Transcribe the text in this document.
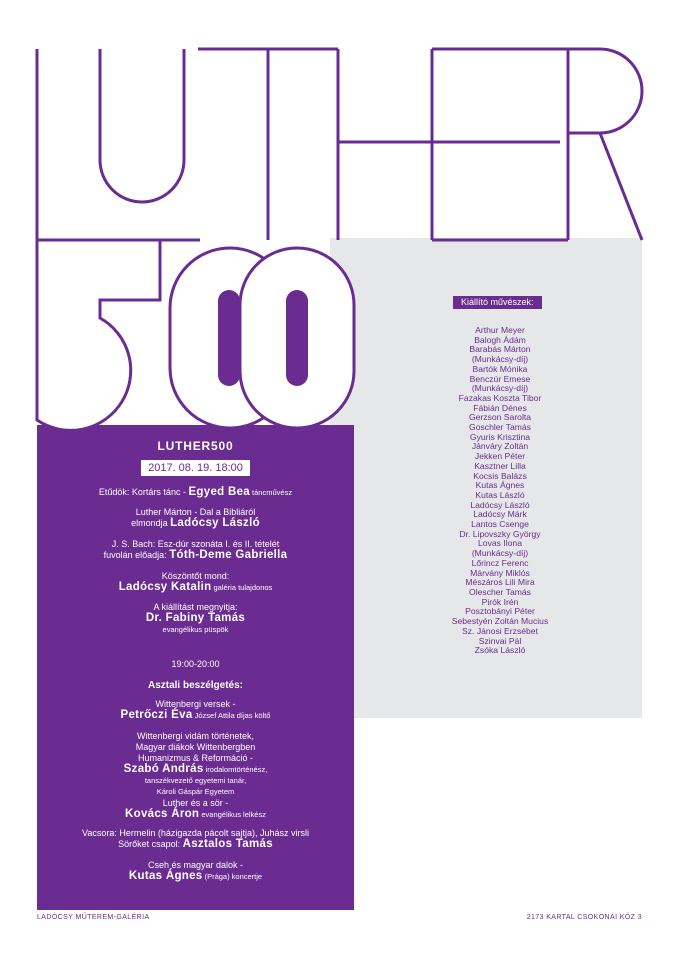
Kiállító művészek:
Arthur Meyer
Balogh Ádám
Barabás Márton
(Munkácsy-díj)
Bartók Mónika
Benczúr Emese
(Munkácsy-díj)
Fazakas Koszta Tibor
Fábián Dénes
Gerzson Sarolta
Goschler Tamás
Gyuris Krisztina
Jánváry Zoltán
Jekken Péter
Kasztner Lilla
Kocsis Balázs
Kutas Ágnes
Kutas László
Ladócsy László
Ladócsy Márk
Lantos Csenge
Dr. Lipovszky György
Lovas Ilona
(Munkácsy-díj)
Lőrincz Ferenc
Márvány Miklós
Mészáros Lili Mira
Olescher Tamás
Pirók Irén
Posztobányi Péter
Sebestyén Zoltán Mucius
Sz. Jánosi Erzsébet
Szinvai Pál
Zsóka László
LUTHER500
2017. 08. 19. 18:00
Etűdök: Kortárs tánc - Egyed Bea táncművész
Luther Márton - Dal a Bibliáról
elmondja Ladócsy László
J. S. Bach: Esz-dúr szonáta I. és II. tételét
fuvolán előadja: Tóth-Deme Gabriella
Köszöntőt mond:
Ladócsy Katalin galéria tulajdonos
A kiállítást megnyitja:
Dr. Fabiny Tamás
evangélikus püspök
19:00-20:00
Asztali beszélgetés:
Wittenbergi versek -
Petrőczi Éva József Attila díjas költő
Wittenbergi vidám történetek,
Magyar diákok Wittenbergben
Humanizmus & Reformáció -
Szabó András irodalomtörténész,
tanszékvezető egyetemi tanár,
Károli Gáspár Egyetem
Luther és a sör -
Kovács Áron evangélikus lelkész
Vacsora: Hermelin (házigazda pácolt sajtja), Juhász virsli
Sörőket csapol: Asztalos Tamás
Cseh és magyar dalok -
Kutas Ágnes (Prága) koncertje
LADÓCSY MŰTEREM-GALÉRIA	2173 KARTAL CSOKONAI KÖZ 3
